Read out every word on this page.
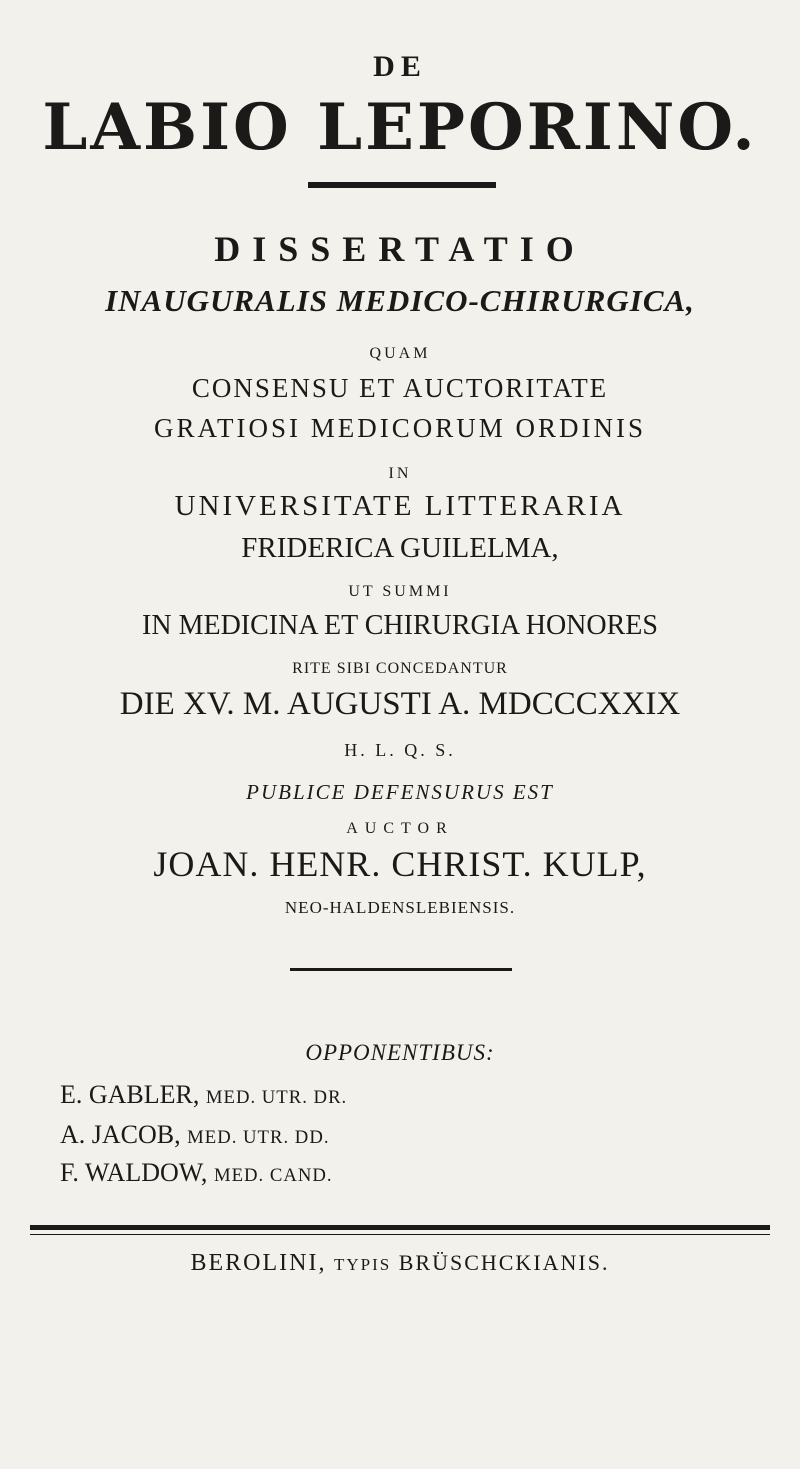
DE
LABIO LEPORINO.
DISSERTATIO
INAUGURALIS MEDICO-CHIRURGICA,
QUAM
CONSENSU ET AUCTORITATE
GRATIOSI MEDICORUM ORDINIS
IN
UNIVERSITATE LITTERARIA
FRIDERICA GUILELMA,
UT SUMMI
IN MEDICINA ET CHIRURGIA HONORES
RITE SIBI CONCEDANTUR
DIE XV. M. AUGUSTI A. MDCCCXXIX
H. L. Q. S.
PUBLICE DEFENSURUS EST
AUCTOR
JOAN. HENR. CHRIST. KULP,
NEO-HALDENSLEBIENSIS.
OPPONENTIBUS:
E. GABLER, MED. UTR. DR.
A. JACOB, MED. UTR. DD.
F. WALDOW, MED. CAND.
BEROLINI, TYPIS BRÜSCHCKIANIS.
